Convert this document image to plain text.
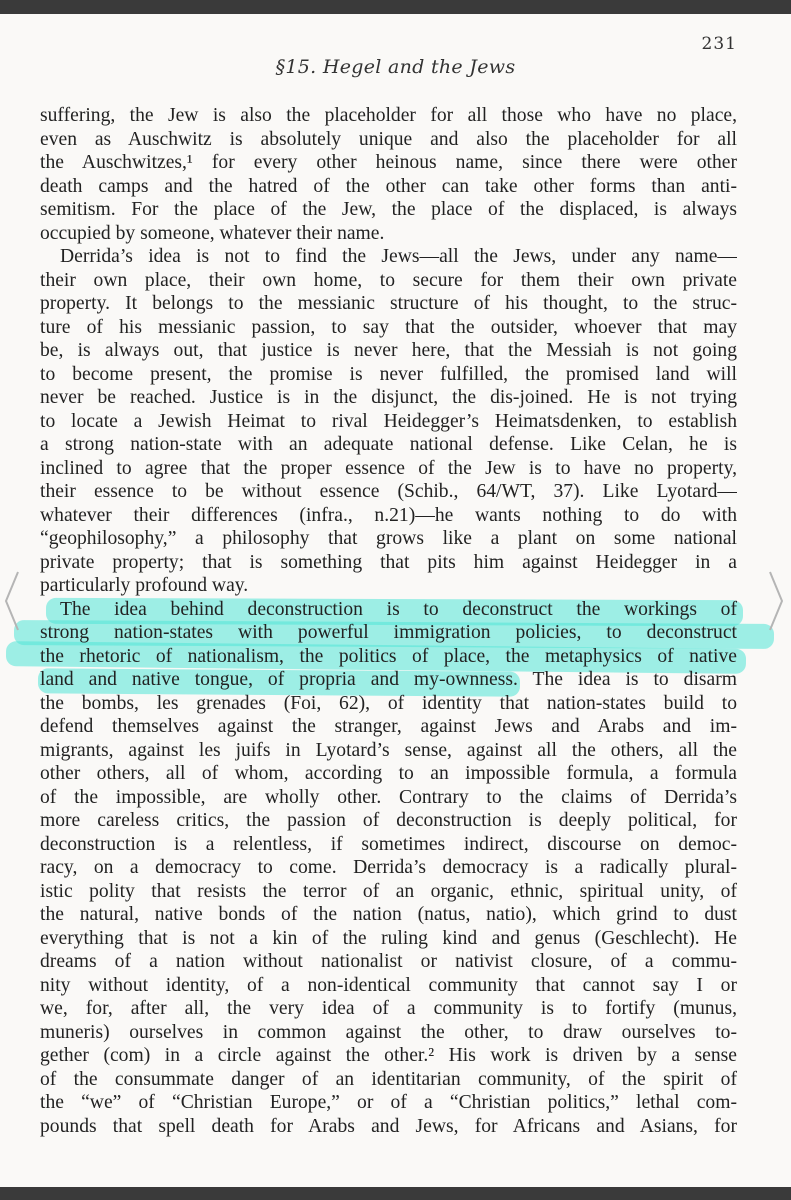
231
§15. Hegel and the Jews
suffering, the Jew is also the placeholder for all those who have no place,
even as Auschwitz is absolutely unique and also the placeholder for all
the Auschwitzes,¹ for every other heinous name, since there were other
death camps and the hatred of the other can take other forms than anti-
semitism. For the place of the Jew, the place of the displaced, is always
occupied by someone, whatever their name.
Derrida’s idea is not to find the Jews—all the Jews, under any name—
their own place, their own home, to secure for them their own private
property. It belongs to the messianic structure of his thought, to the struc-
ture of his messianic passion, to say that the outsider, whoever that may
be, is always out, that justice is never here, that the Messiah is not going
to become present, the promise is never fulfilled, the promised land will
never be reached. Justice is in the disjunct, the dis-joined. He is not trying
to locate a Jewish Heimat to rival Heidegger’s Heimatsdenken, to establish
a strong nation-state with an adequate national defense. Like Celan, he is
inclined to agree that the proper essence of the Jew is to have no property,
their essence to be without essence (Schib., 64/WT, 37). Like Lyotard—
whatever their differences (infra., n.21)—he wants nothing to do with
“geophilosophy,” a philosophy that grows like a plant on some national
private property; that is something that pits him against Heidegger in a
particularly profound way.
The idea behind deconstruction is to deconstruct the workings of
strong nation-states with powerful immigration policies, to deconstruct
the rhetoric of nationalism, the politics of place, the metaphysics of native
land and native tongue, of propria and my-ownness. The idea is to disarm
the bombs, les grenades (Foi, 62), of identity that nation-states build to
defend themselves against the stranger, against Jews and Arabs and im-
migrants, against les juifs in Lyotard’s sense, against all the others, all the
other others, all of whom, according to an impossible formula, a formula
of the impossible, are wholly other. Contrary to the claims of Derrida’s
more careless critics, the passion of deconstruction is deeply political, for
deconstruction is a relentless, if sometimes indirect, discourse on democ-
racy, on a democracy to come. Derrida’s democracy is a radically plural-
istic polity that resists the terror of an organic, ethnic, spiritual unity, of
the natural, native bonds of the nation (natus, natio), which grind to dust
everything that is not a kin of the ruling kind and genus (Geschlecht). He
dreams of a nation without nationalist or nativist closure, of a commu-
nity without identity, of a non-identical community that cannot say I or
we, for, after all, the very idea of a community is to fortify (munus,
muneris) ourselves in common against the other, to draw ourselves to-
gether (com) in a circle against the other.² His work is driven by a sense
of the consummate danger of an identitarian community, of the spirit of
the “we” of “Christian Europe,” or of a “Christian politics,” lethal com-
pounds that spell death for Arabs and Jews, for Africans and Asians, for
